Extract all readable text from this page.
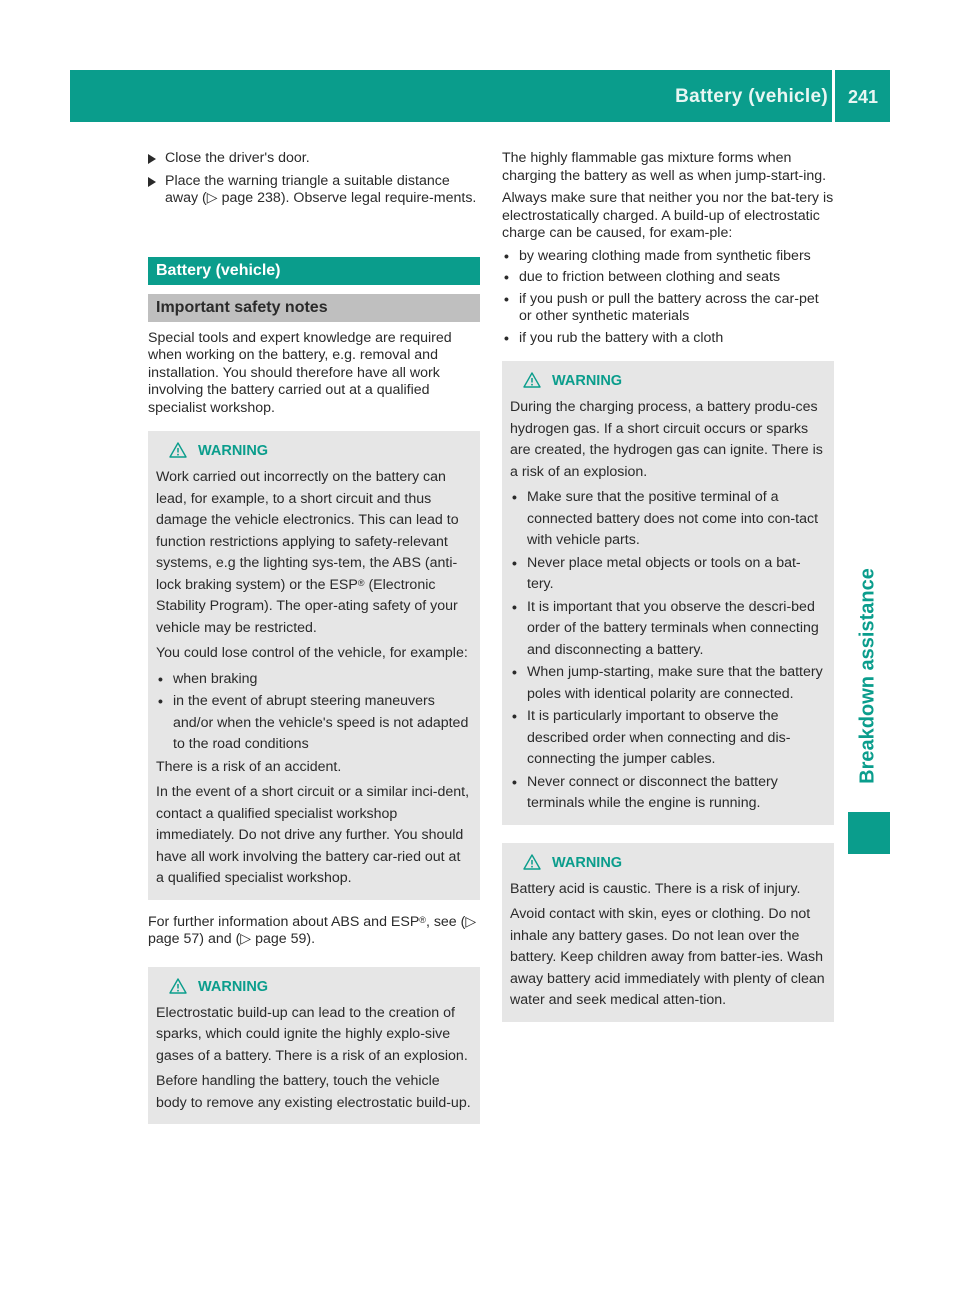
Battery (vehicle)	241
Breakdown assistance
Close the driver's door.
Place the warning triangle a suitable distance away (▷ page 238). Observe legal require-ments.
Battery (vehicle)
Important safety notes

Special tools and expert knowledge are required when working on the battery, e.g. removal and installation. You should therefore have all work involving the battery carried out at a qualified specialist workshop.

WARNING

Work carried out incorrectly on the battery can lead, for example, to a short circuit and thus damage the vehicle electronics. This can lead to function restrictions applying to safety-relevant systems, e.g the lighting sys-tem, the ABS (anti-lock braking system) or the ESP® (Electronic Stability Program). The oper-ating safety of your vehicle may be restricted.

You could lose control of the vehicle, for example:

• when braking
• in the event of abrupt steering maneuvers and/or when the vehicle's speed is not adapted to the road conditions

There is a risk of an accident.

In the event of a short circuit or a similar inci-dent, contact a qualified specialist workshop immediately. Do not drive any further. You should have all work involving the battery car-ried out at a qualified specialist workshop.

For further information about ABS and ESP®, see (▷ page 57) and (▷ page 59).

WARNING

Electrostatic build-up can lead to the creation of sparks, which could ignite the highly explo-sive gases of a battery. There is a risk of an explosion.

Before handling the battery, touch the vehicle body to remove any existing electrostatic build-up.

The highly flammable gas mixture forms when charging the battery as well as when jump-start-ing.

Always make sure that neither you nor the bat-tery is electrostatically charged. A build-up of electrostatic charge can be caused, for exam-ple:

• by wearing clothing made from synthetic fibers
• due to friction between clothing and seats
• if you push or pull the battery across the car-pet or other synthetic materials
• if you rub the battery with a cloth
WARNING

During the charging process, a battery produ-ces hydrogen gas. If a short circuit occurs or sparks are created, the hydrogen gas can ignite. There is a risk of an explosion.

• Make sure that the positive terminal of a connected battery does not come into con-tact with vehicle parts.
• Never place metal objects or tools on a bat-tery.
• It is important that you observe the descri-bed order of the battery terminals when connecting and disconnecting a battery.
• When jump-starting, make sure that the battery poles with identical polarity are connected.
• It is particularly important to observe the described order when connecting and dis-connecting the jumper cables.
• Never connect or disconnect the battery terminals while the engine is running.
WARNING

Battery acid is caustic. There is a risk of injury.

Avoid contact with skin, eyes or clothing. Do not inhale any battery gases. Do not lean over the battery. Keep children away from batter-ies. Wash away battery acid immediately with plenty of clean water and seek medical atten-tion.
